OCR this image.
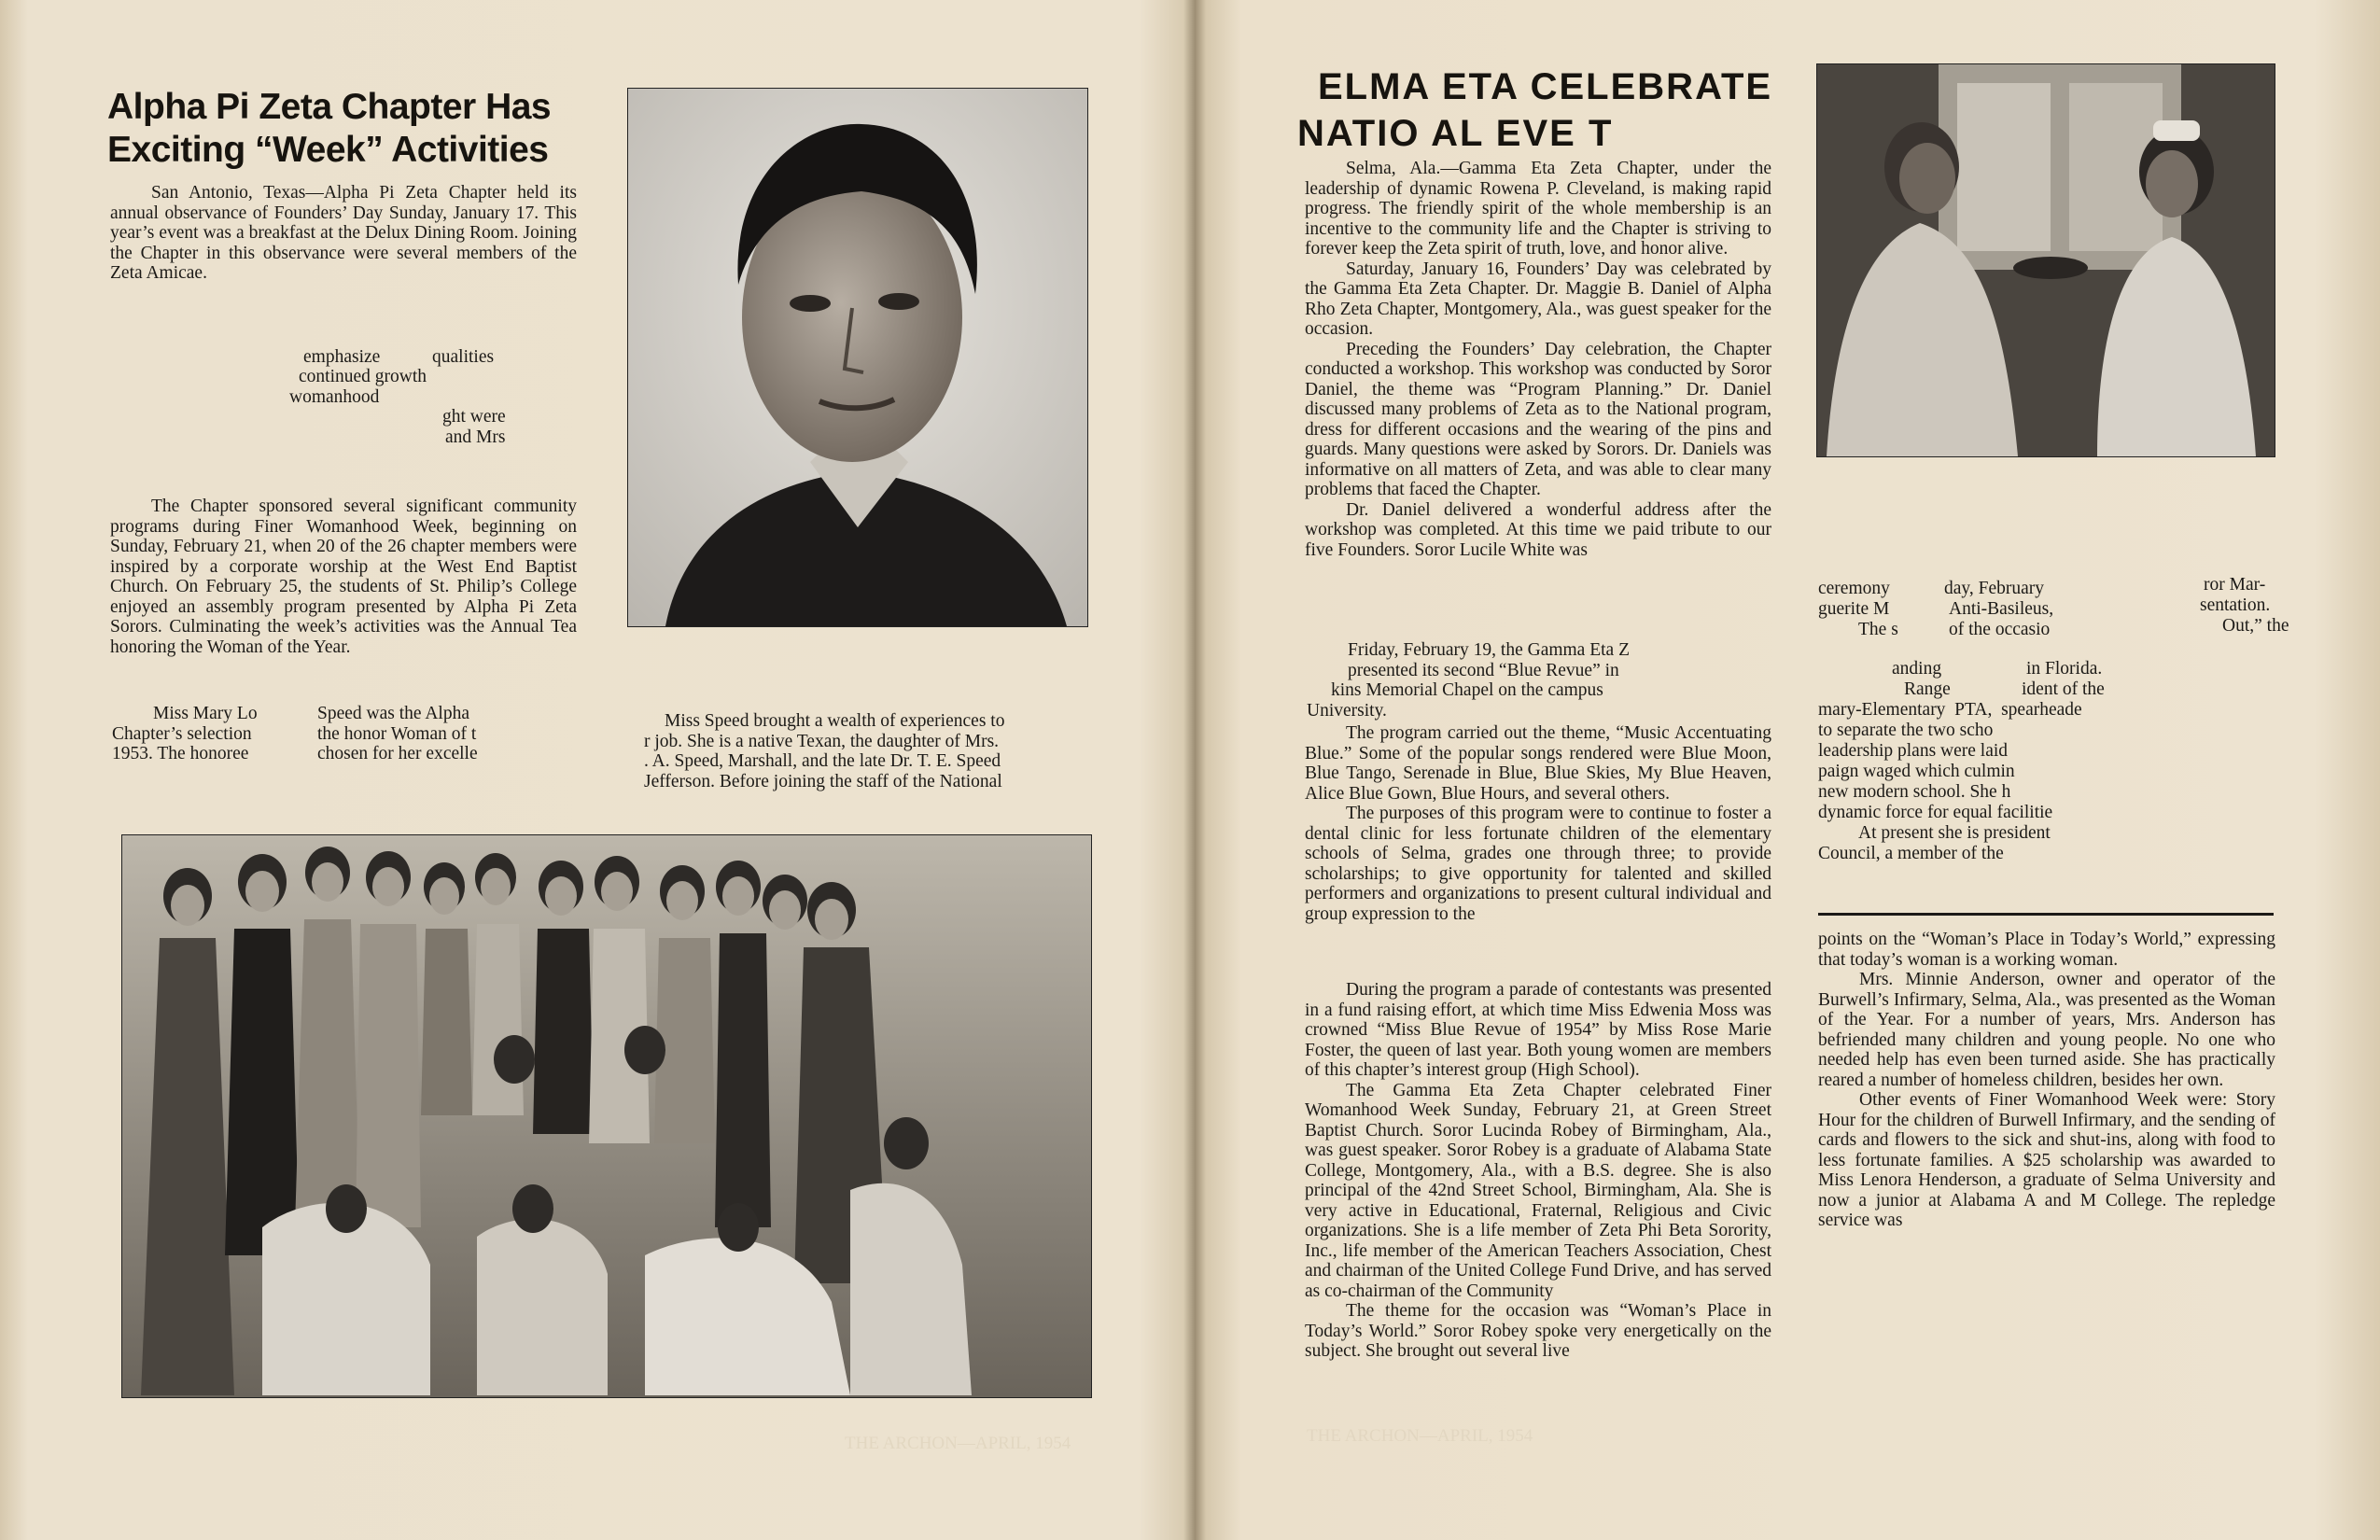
Alpha Pi Zeta Chapter Has
Exciting “Week” Activities

San Antonio, Texas—Alpha Pi Zeta Chapter held its annual observance of Founders’ Day Sunday, January 17. This year’s event was a breakfast at the Delux Dining Room. Joining the Chapter in this observance were several members of the Zeta Amicae.

emphasize	qualities
continued growth
womanhood
ght were
and Mrs

The Chapter sponsored several significant community programs during Finer Womanhood Week, beginning on Sunday, February 21, when 20 of the 26 chapter members were inspired by a corporate worship at the West End Baptist Church. On February 25, the students of St. Philip’s College enjoyed an assembly program presented by Alpha Pi Zeta Sorors. Culminating the week’s activities was the Annual Tea honoring the Woman of the Year.

Miss Mary Lo
Chapter’s selection
1953. The honoree
Speed was the Alpha
the honor Woman of t
chosen for her excelle
Miss Speed brought a wealth of experiences to
r job. She is a native Texan, the daughter of Mrs.
. A. Speed, Marshall, and the late Dr. T. E. Speed
Jefferson. Before joining the staff of the National
THE ARCHON—APRIL, 1954
ELMA ETA CELEBRATE
NATIO AL EVE T

Selma, Ala.—Gamma Eta Zeta Chapter, under the leadership of dynamic Rowena P. Cleveland, is making rapid progress. The friendly spirit of the whole membership is an incentive to the community life and the Chapter is striving to forever keep the Zeta spirit of truth, love, and honor alive.

Saturday, January 16, Founders’ Day was celebrated by the Gamma Eta Zeta Chapter. Dr. Maggie B. Daniel of Alpha Rho Zeta Chapter, Montgomery, Ala., was guest speaker for the occasion.

Preceding the Founders’ Day celebration, the Chapter conducted a workshop. This workshop was conducted by Soror Daniel, the theme was “Program Planning.” Dr. Daniel discussed many problems of Zeta as to the National program, dress for different occasions and the wearing of the pins and guards. Many questions were asked by Sorors. Dr. Daniels was informative on all matters of Zeta, and was able to clear many problems that faced the Chapter.

Dr. Daniel delivered a wonderful address after the workshop was completed. At this time we paid tribute to our five Founders. Soror Lucile White was

Friday, February 19, the Gamma Eta Z
presented its second “Blue Revue” in
kins Memorial Chapel on the campus
University.

The program carried out the theme, “Music Accentuating Blue.” Some of the popular songs rendered were Blue Moon, Blue Tango, Serenade in Blue, Blue Skies, My Blue Heaven, Alice Blue Gown, Blue Hours, and several others.

The purposes of this program were to continue to foster a dental clinic for less fortunate children of the elementary schools of Selma, grades one through three; to provide scholarships; to give opportunity for talented and skilled performers and organizations to present cultural individual and group expression to the

During the program a parade of contestants was presented in a fund raising effort, at which time Miss Edwenia Moss was crowned “Miss Blue Revue of 1954” by Miss Rose Marie Foster, the queen of last year. Both young women are members of this chapter’s interest group (High School).

The Gamma Eta Zeta Chapter celebrated Finer Womanhood Week Sunday, February 21, at Green Street Baptist Church. Soror Lucinda Robey of Birmingham, Ala., was guest speaker. Soror Robey is a graduate of Alabama State College, Montgomery, Ala., with a B.S. degree. She is also principal of the 42nd Street School, Birmingham, Ala. She is very active in Educational, Fraternal, Religious and Civic organizations. She is a life member of Zeta Phi Beta Sorority, Inc., life member of the American Teachers Association, Chest and chairman of the United College Fund Drive, and has served as co-chairman of the Community

The theme for the occasion was “Woman’s Place in Today’s World.” Soror Robey spoke very energetically on the subject. She brought out several live

ceremony	day, February	ror Mar-
guerite M	Anti-Basileus,	sentation.
The s	of the occasio	Out,” the
anding	in Florida.
Range	ident of the
mary-Elementary  PTA,  spearheade
to separate the two scho
leadership plans were laid
paign waged which culmin
new modern school. She h
dynamic force for equal facilitie
At present she is president
Council, a member of the

points on the “Woman’s Place in Today’s World,” expressing that today’s woman is a working woman.

Mrs. Minnie Anderson, owner and operator of the Burwell’s Infirmary, Selma, Ala., was presented as the Woman of the Year. For a number of years, Mrs. Anderson has befriended many children and young people. No one who needed help has even been turned aside. She has practically reared a number of homeless children, besides her own.

Other events of Finer Womanhood Week were: Story Hour for the children of Burwell Infirmary, and the sending of cards and flowers to the sick and shut-ins, along with food to less fortunate families. A $25 scholarship was awarded to Miss Lenora Henderson, a graduate of Selma University and now a junior at Alabama A and M College. The repledge service was

THE ARCHON—APRIL, 1954
